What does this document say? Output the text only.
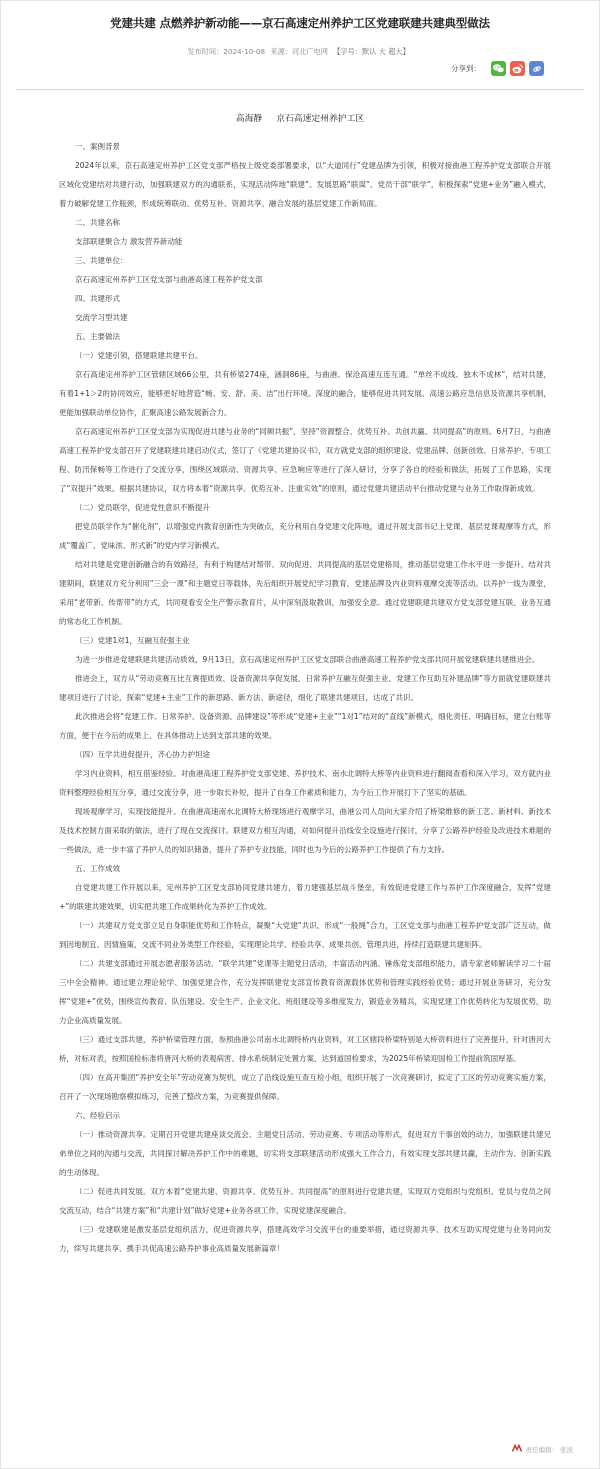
党建共建 点燃养护新动能——京石高速定州养护工区党建联建共建典型做法
发布时间：2024-10-08 来源：河北广电网 【字号：默认 大 超大】
分享到：
高海静 京石高速定州养护工区

一、案例背景

2024年以来，京石高速定州养护工区党支部严格按上级党委部署要求，以“大道同行”党建品牌为引领，积极对接曲港工程养护党支部联合开展区域化党建结对共建行动，加强联建双方的沟通联系，实现活动阵地“联建”、发展思路“联谋”、党员干部“联学”，积极探索“党建+业务”融入模式，着力破解党建工作瓶颈，形成统筹联动、优势互补、资源共享、融合发展的基层党建工作新局面。

二、共建名称

支部联建聚合力 激发营养新动能

三、共建单位：

京石高速定州养护工区党支部与曲港高速工程养护党支部

四、共建形式

交流学习型共建

五、主要做法

（一）党建引领，搭建联建共建平台。

京石高速定州养护工区管辖区域66公里，共有桥梁274座，涵洞86座，与曲港、保沧高速互连互通。“单丝不成线、独木不成林”，结对共建，有着1+1＞2的协同效应，能够更好地营造“畅、安、舒、美、洁”出行环境。深度的融合，能够促进共同发展、高速公路应急信息及资源共享机制，更能加强联动单位协作，汇聚高速公路发展新合力。

京石高速定州养护工区党支部为实现促进共建与业务的“同频共振”，坚持“资源整合、优势互补、共创共赢、共同提高”的原则。6月7日，与曲港高速工程养护党支部召开了党建联建共建启动仪式，签订了《党建共建协议书》，双方就党支部的组织建设、党建品牌、创新创效、日常养护、专项工程、防汛保畅等工作进行了交流分享，围绕区域联动、资源共享、应急响应等进行了深入研讨，分享了各自的经验和做法，拓展了工作思路，实现了“双提升”效果。根据共建协议，双方将本着“资源共享、优势互补、注重实效”的原则，通过党建共建活动平台推动党建与业务工作取得新成效。

（二）党员联学，促进党性意识不断提升

把党员联学作为“催化剂”，以增强党内教育创新性为突破点，充分利用自身党建文化阵地，通过开展支部书记上党课、基层党课观摩等方式，形成“覆盖广、党味浓、形式新”的党内学习新模式。

结对共建是党建创新融合的有效路径，有利于构建结对帮带、双向促进、共同提高的基层党建格局，推动基层党建工作水平进一步提升。结对共建期间，联建双方充分利用“三会一课”和主题党日等载体，先后组织开展党纪学习教育、党建品牌及内业资料观摩交流等活动。以养护一线为课堂，采用“老带新、传帮带”的方式，共同观看安全生产警示教育片，从中深刻汲取教训，加强安全意。通过党建联建共建双方党支部党建互联、业务互通的常态化工作机制。

（三）党建1对1，互融互促强主业

为进一步推进党建联建共建活动质效，9月13日，京石高速定州养护工区党支部联合曲港高速工程养护党支部共同开展党建联建共建推进会。

推进会上，双方从“劳动竞赛互比互赛提质效、设备资源共享促发展、日常养护互融互促强主业、党建工作互助互补建品牌”等方面就党建联建共建项目进行了讨论，探索“党建+主业”工作的新思路、新方法、新途径，细化了联建共建项目，达成了共识。

此次推进会将“党建工作、日常养护、设备资源、品牌建设”等形成“党建+主业”“1对1”结对的“直线”新模式，细化责任、明确目标，建立台账等方面，便于在今后的成果上、在具体推动上达到支部共建的效果。

（四）互学共进促提升，齐心协力护坦途

学习内业资料，相互借鉴经验。对曲港高速工程养护党支部党建、养护技术、南水北调特大桥等内业资料进行翻阅查看和深入学习，双方就内业资料整理经验相互分享，通过交流分享，进一步取长补短，提升了自身工作素质和能力，为今后工作开展打下了坚实的基础。

现场观摩学习，实现技能提升。在曲港高速南水北调特大桥现场进行观摩学习，曲港公司人员向大家介绍了桥梁维修的新工艺、新材料、新技术及技术控制方面采取的做法，进行了现在交流探讨。联建双方相互沟通，对如何提升沿线安全设施进行探讨，分享了公路养护经验及改进技术难题的一些做法，进一步丰富了养护人员的知识储备，提升了养护专业技能，同时也为今后的公路养护工作提供了有力支持。

五、工作成效

自党建共建工作开展以来，定州养护工区党支部协同党建共建方，着力建强基层战斗堡垒，有效促进党建工作与养护工作深度融合，发挥“党建+”的联建共建效果，切实把共建工作成果转化为养护工作成效。

（一）共建双方党支部立足自身职能优势和工作特点，凝聚“大党建”共识、形成“一般绳”合力，工区党支部与曲港工程养护党支部广泛互动，做到因地制宜、因情施策，交流不同业务类型工作经验，实现理论共学、经验共享、成果共创、管理共进，持续打造联建共建矩阵。

（二）共建支部通过开展志愿者服务活动、“联学共建”党课等主题党日活动，丰富活动内涵、锤炼党支部组织能力，请专家老师解读学习二十届三中全会精神。通过建立理论轮学、加强党建合作，充分发挥联建党支部宣传教育资源载体优势和管理实践经验优势；通过开展业务研习，充分发挥“党建+”优势，围绕宣传教育、队伍建设、安全生产、企业文化、班组建设等多维度发力，锻造业务精兵，实现党建工作优势转化为发展优势，助力企业高质量发展。

（三）通过支部共建，养护桥梁管理方面，参照曲港公司南水北调特桥内业资料，对工区辖段桥梁特别是大桥资料进行了完善提升，针对唐河大桥，对标对表，按照国检标准将唐河大桥的表观病害、排水系统制定处置方案，达到道国检要求，为2025年桥梁迎国检工作提前筑固厚基。

（四）在高开集团“养护安全年”劳动竞赛为契机，成立了沿线设施互查互检小组，组织开展了一次竞赛研讨，拟定了工区的劳动竞赛实施方案，召开了一次现场勘察模拟练习，完善了整改方案，为竞赛提供保障。

六、经验启示

（一）推动资源共享。定期召开党建共建座谈交流会、主题党日活动、劳动竞赛、专项活动等形式，促进双方干事创效的动力，加强联建共建兄弟单位之间的沟通与交流，共同探讨解决养护工作中的难题，切实将支部联建活动形成强大工作合力，有效实现支部共建共赢，主动作为、创新实践的生动体现。

（二）促进共同发展。双方本着“党建共建、资源共享、优势互补、共同提高”的原则进行党建共建，实现双方党组织与党组织、党员与党员之间交流互动，结合“共建方案”和“共建计划”做好党建+业务各项工作，实现党建深度融合。

（三）党建联建是激发基层党组织活力，促进资源共享，搭建高效学习交流平台的重要举措，通过资源共享、技术互助实现党建与业务同向发力，续写共建共享、携手共促高速公路养护事业高质量发展新篇章！

责任编辑： 张波
